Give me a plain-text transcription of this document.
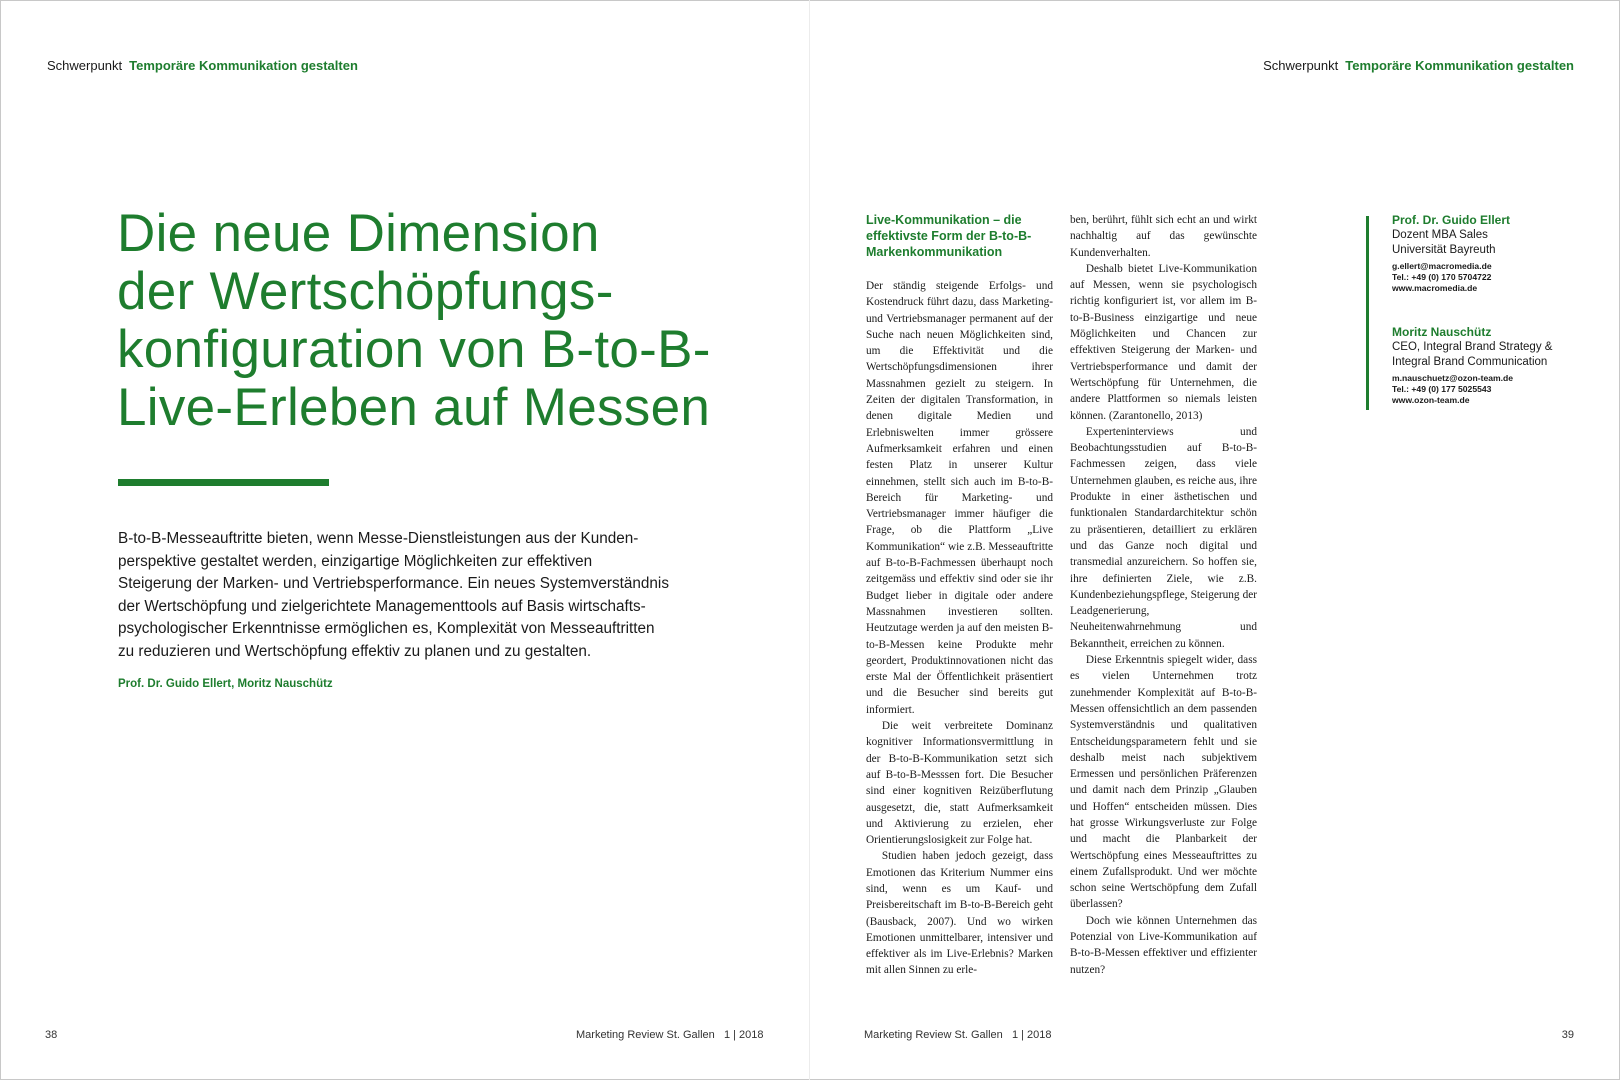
Schwerpunkt Temporäre Kommunikation gestalten	Schwerpunkt Temporäre Kommunikation gestalten
Die neue Dimension
der Wertschöpfungs-
konfiguration von B-to-B-
Live-Erleben auf Messen
B-to-B-Messeauftritte bieten, wenn Messe-Dienstleistungen aus der Kunden-
perspektive gestaltet werden, einzigartige Möglichkeiten zur effektiven
Steigerung der Marken- und Vertriebsperformance. Ein neues Systemverständnis
der Wertschöpfung und zielgerichtete Managementtools auf Basis wirtschafts-
psychologischer Erkenntnisse ermöglichen es, Komplexität von Messeauftritten
zu reduzieren und Wertschöpfung effektiv zu planen und zu gestalten.
Prof. Dr. Guido Ellert, Moritz Nauschütz
Live-Kommunikation – die effektivste Form der B-to-B-Markenkommunikation

Der ständig steigende Erfolgs- und Kostendruck führt dazu, dass Marketing- und Vertriebsmanager permanent auf der Suche nach neuen Möglichkeiten sind, um die Effektivität und die Wertschöpfungsdimensionen ihrer Massnahmen gezielt zu steigern. In Zeiten der digitalen Transformation, in denen digitale Medien und Erlebniswelten immer grössere Aufmerksamkeit erfahren und einen festen Platz in unserer Kultur einnehmen, stellt sich auch im B-to-B-Bereich für Marketing- und Vertriebsmanager immer häufiger die Frage, ob die Plattform „Live Kommunikation“ wie z.B. Messeauftritte auf B-to-B-Fachmessen überhaupt noch zeitgemäss und effektiv sind oder sie ihr Budget lieber in digitale oder andere Massnahmen investieren sollten. Heutzutage werden ja auf den meisten B-to-B-Messen keine Produkte mehr geordert, Produktinnovationen nicht das erste Mal der Öffentlichkeit präsentiert und die Besucher sind bereits gut informiert.

Die weit verbreitete Dominanz kognitiver Informationsvermittlung in der B-to-B-Kommunikation setzt sich auf B-to-B-Messsen fort. Die Besucher sind einer kognitiven Reizüberflutung ausgesetzt, die, statt Aufmerksamkeit und Aktivierung zu erzielen, eher Orientierungslosigkeit zur Folge hat.

Studien haben jedoch gezeigt, dass Emotionen das Kriterium Nummer eins sind, wenn es um Kauf- und Preisbereitschaft im B-to-B-Bereich geht (Bausback, 2007). Und wo wirken Emotionen unmittelbarer, intensiver und effektiver als im Live-Erlebnis? Marken mit allen Sinnen zu erle-

ben, berührt, fühlt sich echt an und wirkt nachhaltig auf das gewünschte Kundenverhalten.

Deshalb bietet Live-Kommunikation auf Messen, wenn sie psychologisch richtig konfiguriert ist, vor allem im B-to-B-Business einzigartige und neue Möglichkeiten und Chancen zur effektiven Steigerung der Marken- und Vertriebsperformance und damit der Wertschöpfung für Unternehmen, die andere Plattformen so niemals leisten können. (Zarantonello, 2013)

Experteninterviews und Beobachtungsstudien auf B-to-B-Fachmessen zeigen, dass viele Unternehmen glauben, es reiche aus, ihre Produkte in einer ästhetischen und funktionalen Standardarchitektur schön zu präsentieren, detailliert zu erklären und das Ganze noch digital und transmedial anzureichern. So hoffen sie, ihre definierten Ziele, wie z.B. Kundenbeziehungspflege, Steigerung der Leadgenerierung, Neuheitenwahrnehmung und Bekanntheit, erreichen zu können.

Diese Erkenntnis spiegelt wider, dass es vielen Unternehmen trotz zunehmender Komplexität auf B-to-B-Messen offensichtlich an dem passenden Systemverständnis und qualitativen Entscheidungsparametern fehlt und sie deshalb meist nach subjektivem Ermessen und persönlichen Präferenzen und damit nach dem Prinzip „Glauben und Hoffen“ entscheiden müssen. Dies hat grosse Wirkungsverluste zur Folge und macht die Planbarkeit der Wertschöpfung eines Messeauftrittes zu einem Zufallsprodukt. Und wer möchte schon seine Wertschöpfung dem Zufall überlassen?

Doch wie können Unternehmen das Potenzial von Live-Kommunikation auf B-to-B-Messen effektiver und effizienter nutzen?

Prof. Dr. Guido Ellert
Dozent MBA Sales
Universität Bayreuth
g.ellert@macromedia.de
Tel.: +49 (0) 170 5704722
www.macromedia.de
Moritz Nauschütz
CEO, Integral Brand Strategy &
Integral Brand Communication
m.nauschuetz@ozon-team.de
Tel.: +49 (0) 177 5025543
www.ozon-team.de
38	Marketing Review St. Gallen 1 | 2018	Marketing Review St. Gallen 1 | 2018	39
